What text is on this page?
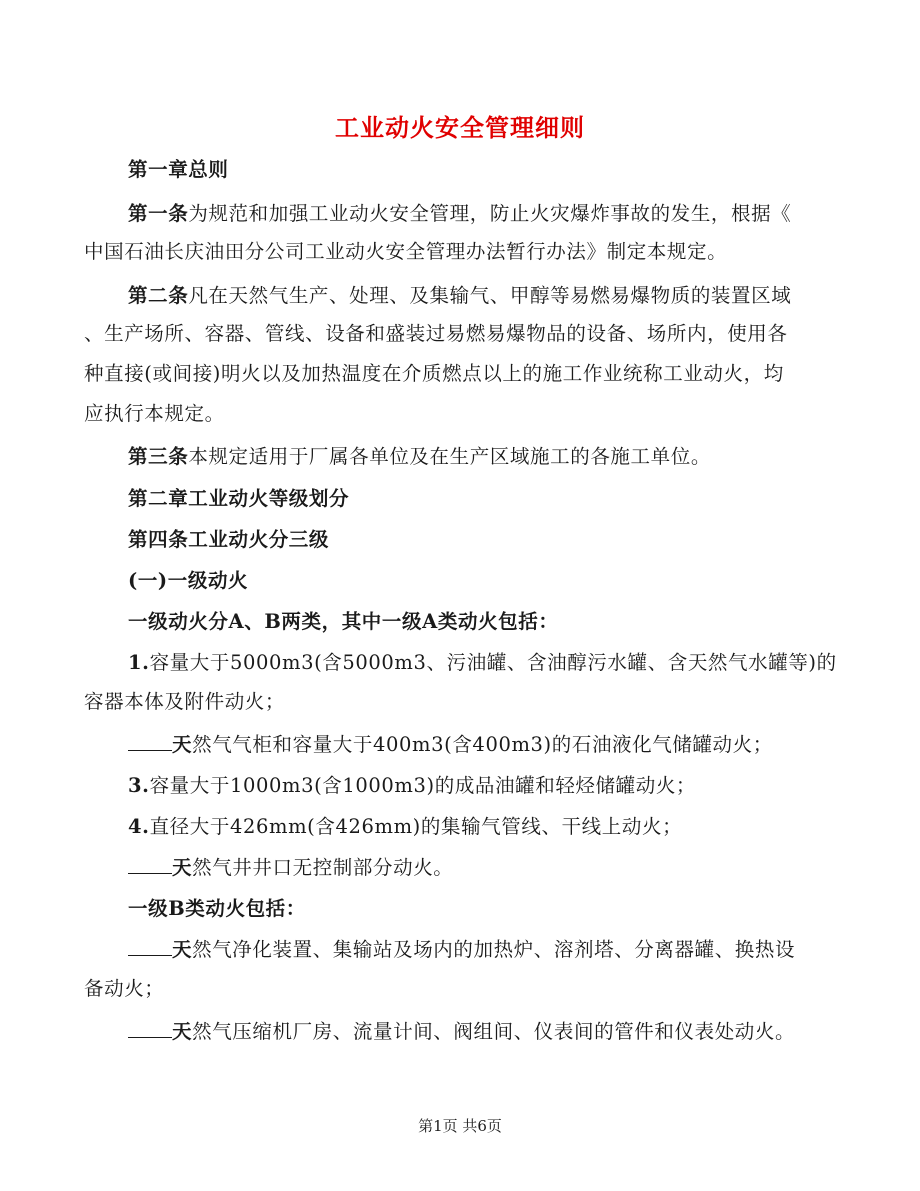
工业动火安全管理细则
第一章总则
第一条为规范和加强工业动火安全管理，防止火灾爆炸事故的发生，根据《
中国石油长庆油田分公司工业动火安全管理办法暂行办法》制定本规定。
第二条凡在天然气生产、处理、及集输气、甲醇等易燃易爆物质的装置区域
、生产场所、容器、管线、设备和盛装过易燃易爆物品的设备、场所内，使用各
种直接(或间接)明火以及加热温度在介质燃点以上的施工作业统称工业动火，均
应执行本规定。
第三条本规定适用于厂属各单位及在生产区域施工的各施工单位。
第二章工业动火等级划分
第四条工业动火分三级
(一)一级动火
一级动火分A、B两类，其中一级A类动火包括：
1.容量大于5000m3(含5000m3、污油罐、含油醇污水罐、含天然气水罐等)的
容器本体及附件动火；
天然气气柜和容量大于400m3(含400m3)的石油液化气储罐动火；
3.容量大于1000m3(含1000m3)的成品油罐和轻烃储罐动火；
4.直径大于426mm(含426mm)的集输气管线、干线上动火；
天然气井井口无控制部分动火。
一级B类动火包括：
天然气净化装置、集输站及场内的加热炉、溶剂塔、分离器罐、换热设
备动火；
天然气压缩机厂房、流量计间、阀组间、仪表间的管件和仪表处动火。
第1页 共6页
